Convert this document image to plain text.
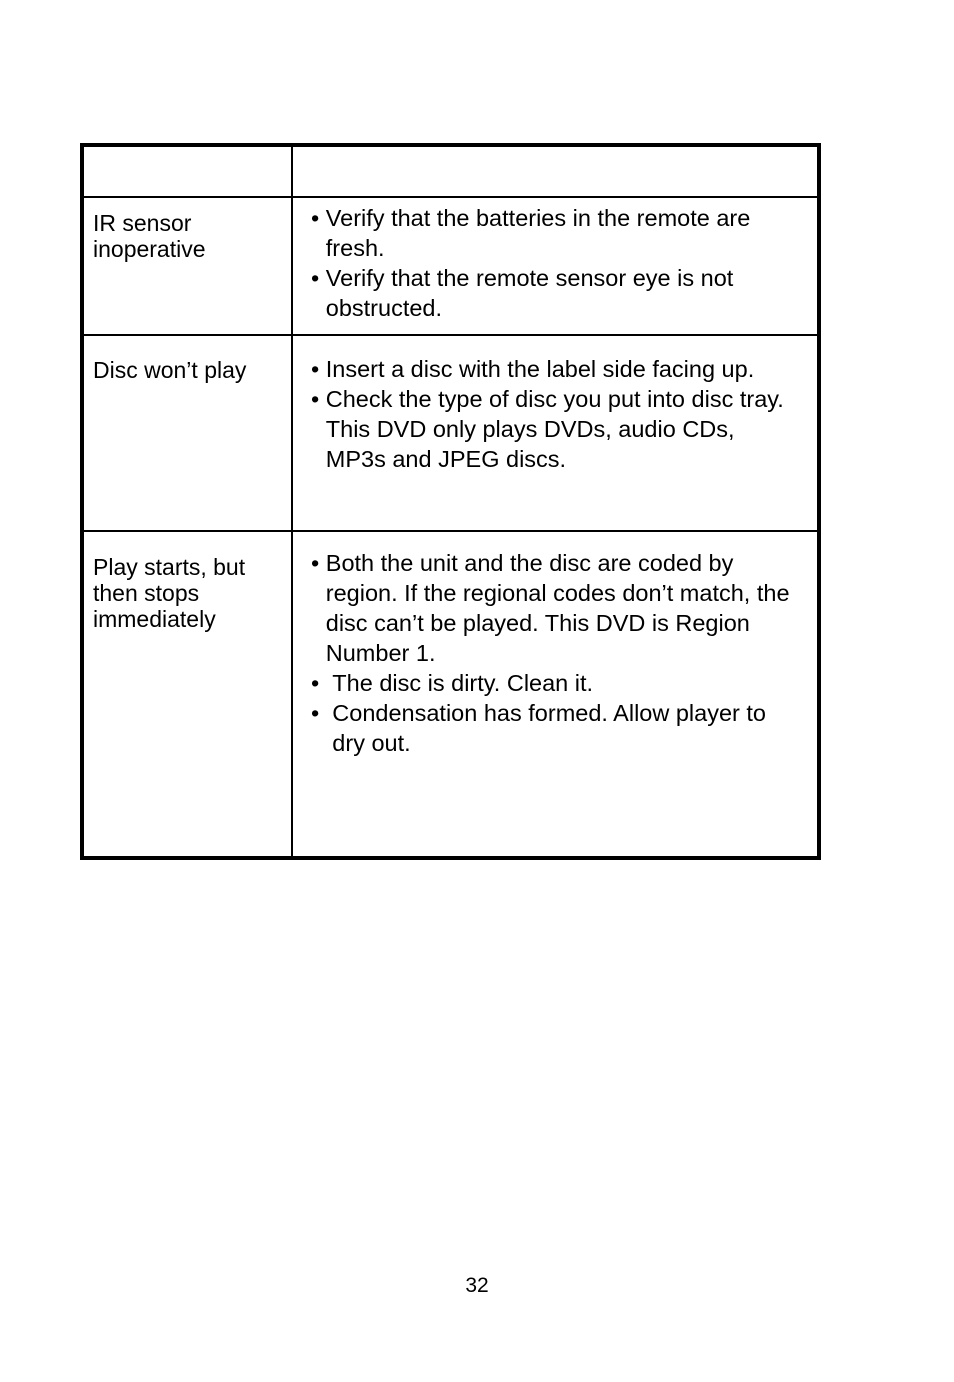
IR sensor
inoperative
• Verify that the batteries in the remote are fresh.
• Verify that the remote sensor eye is not obstructed.
Disc won’t play	• Insert a disc with the label side facing up.
• Check the type of disc you put into disc tray. This DVD only plays DVDs, audio CDs, MP3s and JPEG discs.
Play starts, but
then stops
immediately
• Both the unit and the disc are coded by region. If the regional codes don’t match, the disc can’t be played. This DVD is Region Number 1.
• The disc is dirty. Clean it.
• Condensation has formed. Allow player to dry out.
32
